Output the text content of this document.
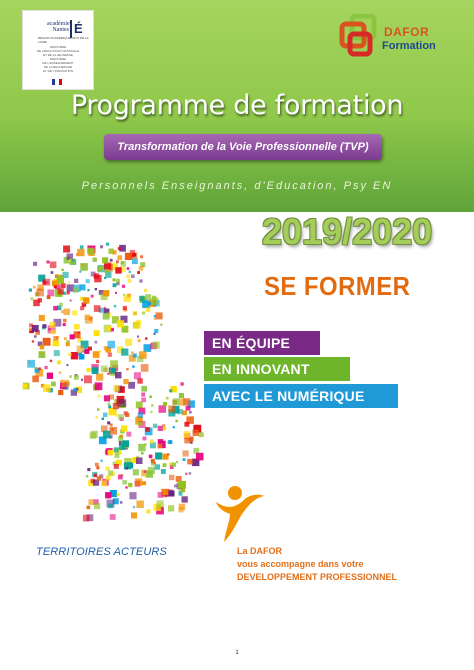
académie
Nantes É
RÉGION ACADÉMIQUE PAYS DE LA LOIRE
MINISTÈRE
DE L'ÉDUCATION NATIONALE
ET DE LA JEUNESSE
MINISTÈRE
DE L'ENSEIGNEMENT
DE LA RECHERCHE
ET DE L'INNOVATION
DAFOR
Formation
Programme de formation
Transformation de la Voie Professionnelle (TVP)
Personnels Enseignants, d'Education, Psy EN
2019/2020
SE FORMER
EN ÉQUIPE
EN INNOVANT
AVEC LE NUMÉRIQUE
TERRITOIRES ACTEURS	La DAFOR
vous accompagne dans votre
DEVELOPPEMENT PROFESSIONNEL
1
